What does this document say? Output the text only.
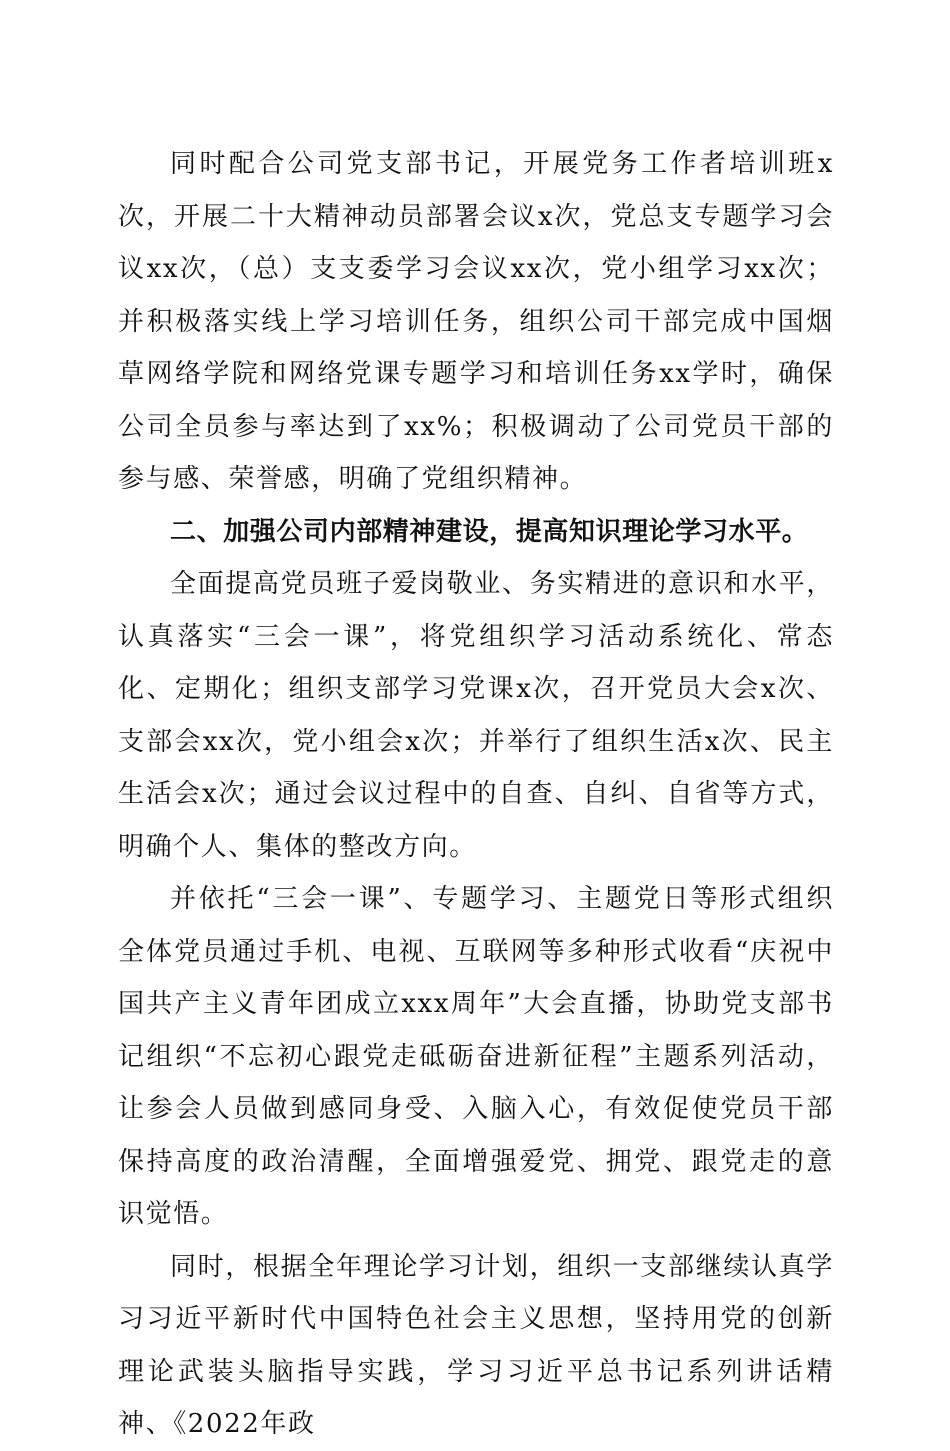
同时配合公司党支部书记，开展党务工作者培训班x次，开展二十大精神动员部署会议x次，党总支专题学习会议xx次，（总）支支委学习会议xx次，党小组学习xx次；并积极落实线上学习培训任务，组织公司干部完成中国烟草网络学院和网络党课专题学习和培训任务xx学时，确保公司全员参与率达到了xx%；积极调动了公司党员干部的参与感、荣誉感，明确了党组织精神。

二、加强公司内部精神建设，提高知识理论学习水平。

全面提高党员班子爱岗敬业、务实精进的意识和水平，认真落实“三会一课”，将党组织学习活动系统化、常态化、定期化；组织支部学习党课x次，召开党员大会x次、支部会xx次，党小组会x次；并举行了组织生活x次、民主生活会x次；通过会议过程中的自查、自纠、自省等方式，明确个人、集体的整改方向。

并依托“三会一课”、专题学习、主题党日等形式组织全体党员通过手机、电视、互联网等多种形式收看“庆祝中国共产主义青年团成立xxx周年”大会直播，协助党支部书记组织“不忘初心跟党走砥砺奋进新征程”主题系列活动，让参会人员做到感同身受、入脑入心，有效促使党员干部保持高度的政治清醒，全面增强爱党、拥党、跟党走的意识觉悟。

同时，根据全年理论学习计划，组织一支部继续认真学习习近平新时代中国特色社会主义思想，坚持用党的创新理论武装头脑指导实践，学习习近平总书记系列讲话精神、《2022年政
